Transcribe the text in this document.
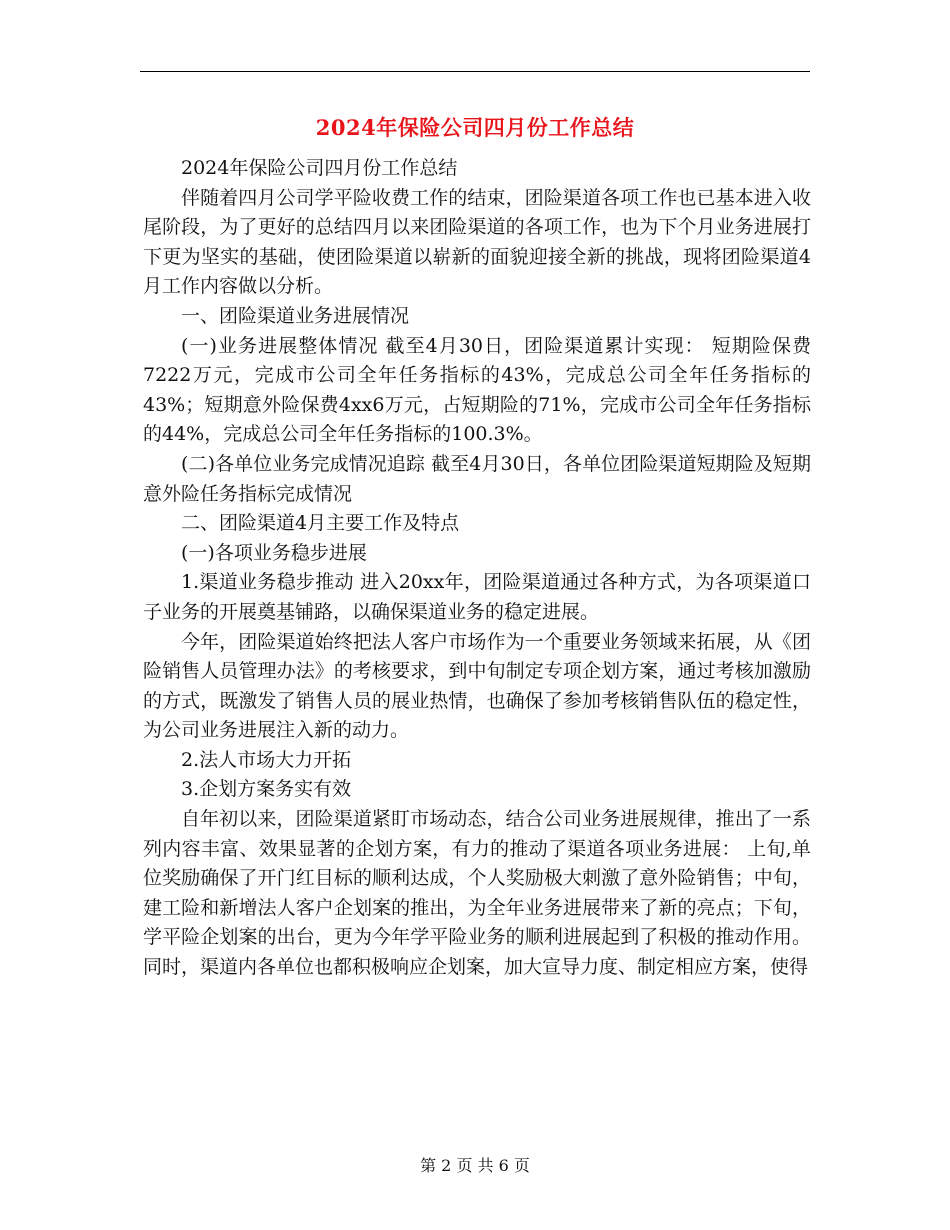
2024年保险公司四月份工作总结

2024年保险公司四月份工作总结

伴随着四月公司学平险收费工作的结束，团险渠道各项工作也已基本进入收尾阶段，为了更好的总结四月以来团险渠道的各项工作，也为下个月业务进展打下更为坚实的基础，使团险渠道以崭新的面貌迎接全新的挑战，现将团险渠道4月工作内容做以分析。

一、团险渠道业务进展情况

(一)业务进展整体情况 截至4月30日，团险渠道累计实现： 短期险保费7222万元，完成市公司全年任务指标的43%，完成总公司全年任务指标的43%；短期意外险保费4xx6万元，占短期险的71%，完成市公司全年任务指标的44%，完成总公司全年任务指标的100.3%。

(二)各单位业务完成情况追踪 截至4月30日，各单位团险渠道短期险及短期意外险任务指标完成情况

二、团险渠道4月主要工作及特点

(一)各项业务稳步进展

1.渠道业务稳步推动 进入20xx年，团险渠道通过各种方式，为各项渠道口子业务的开展奠基铺路，以确保渠道业务的稳定进展。

今年，团险渠道始终把法人客户市场作为一个重要业务领域来拓展，从《团险销售人员管理办法》的考核要求，到中旬制定专项企划方案，通过考核加激励的方式，既激发了销售人员的展业热情，也确保了参加考核销售队伍的稳定性，为公司业务进展注入新的动力。

2.法人市场大力开拓

3.企划方案务实有效

自年初以来，团险渠道紧盯市场动态，结合公司业务进展规律，推出了一系列内容丰富、效果显著的企划方案，有力的推动了渠道各项业务进展： 上旬,单位奖励确保了开门红目标的顺利达成，个人奖励极大刺激了意外险销售；中旬，建工险和新增法人客户企划案的推出，为全年业务进展带来了新的亮点；下旬，学平险企划案的出台，更为今年学平险业务的顺利进展起到了积极的推动作用。同时，渠道内各单位也都积极响应企划案，加大宣导力度、制定相应方案，使得

第 2 页 共 6 页
